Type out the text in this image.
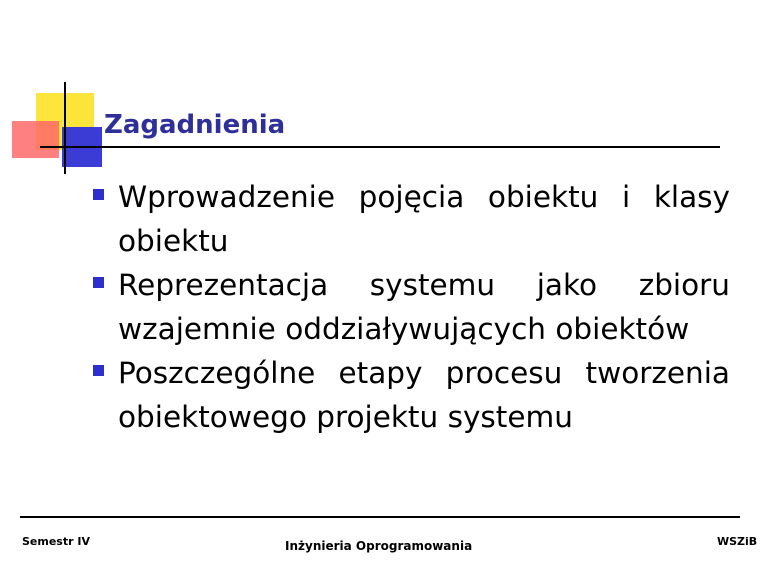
Zagadnienia
Wprowadzenie pojęcia obiektu i klasy obiektu
Reprezentacja systemu jako zbioru wzajemnie oddziaływujących obiektów
Poszczególne etapy procesu tworzenia obiektowego projektu systemu
Semestr IV	Inżynieria Oprogramowania	WSZiB
